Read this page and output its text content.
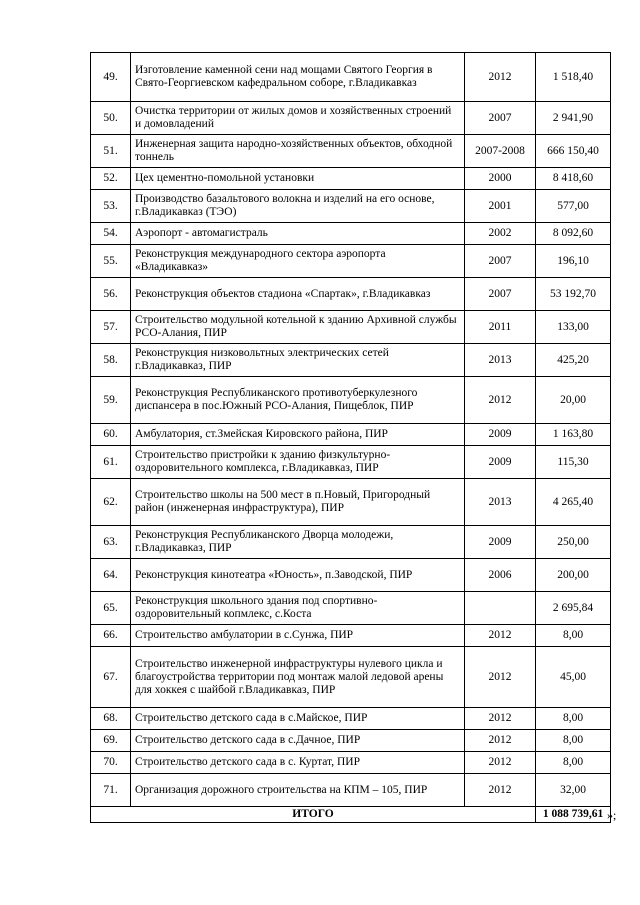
49.	Изготовление каменной сени над мощами Святого Георгия в Свято-Георгиевском кафедральном соборе, г.Владикавказ	2012	1 518,40
50.	Очистка территории от жилых домов и хозяйственных строений и домовладений	2007	2 941,90
51.	Инженерная защита народно-хозяйственных объектов, обходной тоннель	2007-2008	666 150,40
52.	Цех цементно-помольной установки	2000	8 418,60
53.	Производство базальтового волокна и изделий на его основе, г.Владикавказ (ТЭО)	2001	577,00
54.	Аэропорт - автомагистраль	2002	8 092,60
55.	Реконструкция международного сектора аэропорта «Владикавказ»	2007	196,10
56.	Реконструкция объектов стадиона «Спартак», г.Владикавказ	2007	53 192,70
57.	Строительство модульной котельной к зданию Архивной службы РСО-Алания, ПИР	2011	133,00
58.	Реконструкция низковольтных электрических сетей г.Владикавказ, ПИР	2013	425,20
59.	Реконструкция Республиканского противотуберкулезного диспансера в пос.Южный РСО-Алания, Пищеблок, ПИР	2012	20,00
60.	Амбулатория, ст.Змейская Кировского района, ПИР	2009	1 163,80
61.	Строительство пристройки к зданию физкультурно-оздоровительного комплекса, г.Владикавказ, ПИР	2009	115,30
62.	Строительство школы на 500 мест в п.Новый, Пригородный район (инженерная инфраструктура), ПИР	2013	4 265,40
63.	Реконструкция Республиканского Дворца молодежи, г.Владикавказ, ПИР	2009	250,00
64.	Реконструкция кинотеатра «Юность», п.Заводской, ПИР	2006	200,00
65.	Реконструкция школьного здания под спортивно-оздоровительный копмлекс, с.Коста		2 695,84
66.	Строительство амбулатории в с.Сунжа, ПИР	2012	8,00
67.	Строительство инженерной инфраструктуры нулевого цикла и благоустройства территории под монтаж малой ледовой арены для хоккея с шайбой г.Владикавказ, ПИР	2012	45,00
68.	Строительство детского сада в с.Майское, ПИР	2012	8,00
69.	Строительство детского сада в с.Дачное, ПИР	2012	8,00
70.	Строительство детского сада в с. Куртат, ПИР	2012	8,00
71.	Организация дорожного строительства на КПМ – 105, ПИР	2012	32,00
ИТОГО			1 088 739,61 »;
